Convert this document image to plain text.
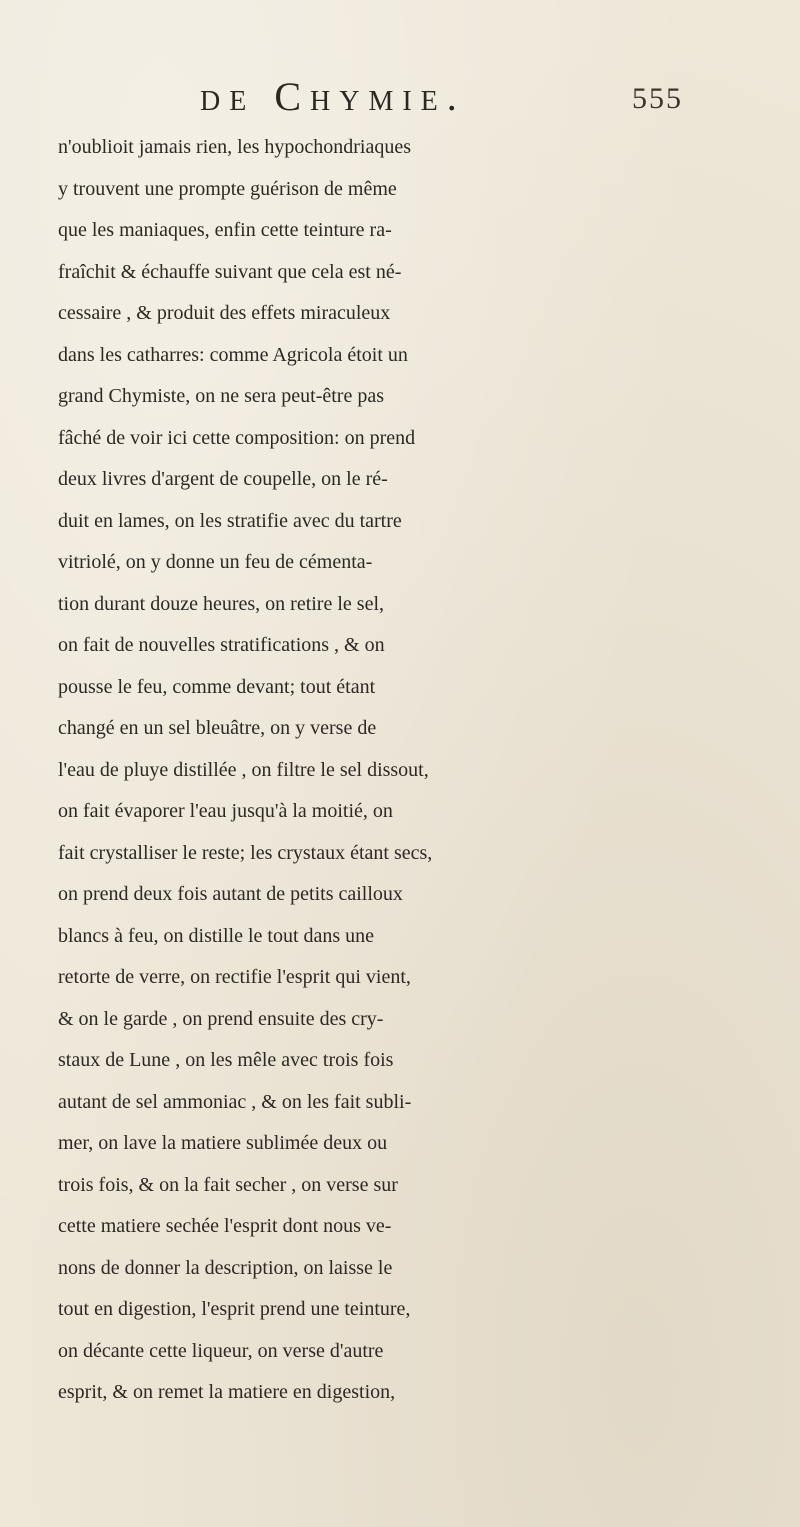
de Chymie.	555
n'oublioit jamais rien, les hypochondriaques
y trouvent une prompte guérison de même
que les maniaques, enfin cette teinture ra-
fraîchit & échauffe suivant que cela est né-
cessaire , & produit des effets miraculeux
dans les catharres: comme Agricola étoit un
grand Chymiste, on ne sera peut-être pas
fâché de voir ici cette composition: on prend
deux livres d'argent de coupelle, on le ré-
duit en lames, on les stratifie avec du tartre
vitriolé, on y donne un feu de cémenta-
tion durant douze heures, on retire le sel,
on fait de nouvelles stratifications , & on
pousse le feu, comme devant; tout étant
changé en un sel bleuâtre, on y verse de
l'eau de pluye distillée , on filtre le sel dissout,
on fait évaporer l'eau jusqu'à la moitié, on
fait crystalliser le reste; les crystaux étant secs,
on prend deux fois autant de petits cailloux
blancs à feu, on distille le tout dans une
retorte de verre, on rectifie l'esprit qui vient,
& on le garde , on prend ensuite des cry-
staux de Lune , on les mêle avec trois fois
autant de sel ammoniac , & on les fait subli-
mer, on lave la matiere sublimée deux ou
trois fois, & on la fait secher , on verse sur
cette matiere sechée l'esprit dont nous ve-
nons de donner la description, on laisse le
tout en digestion, l'esprit prend une teinture,
on décante cette liqueur, on verse d'autre
esprit, & on remet la matiere en digestion,
